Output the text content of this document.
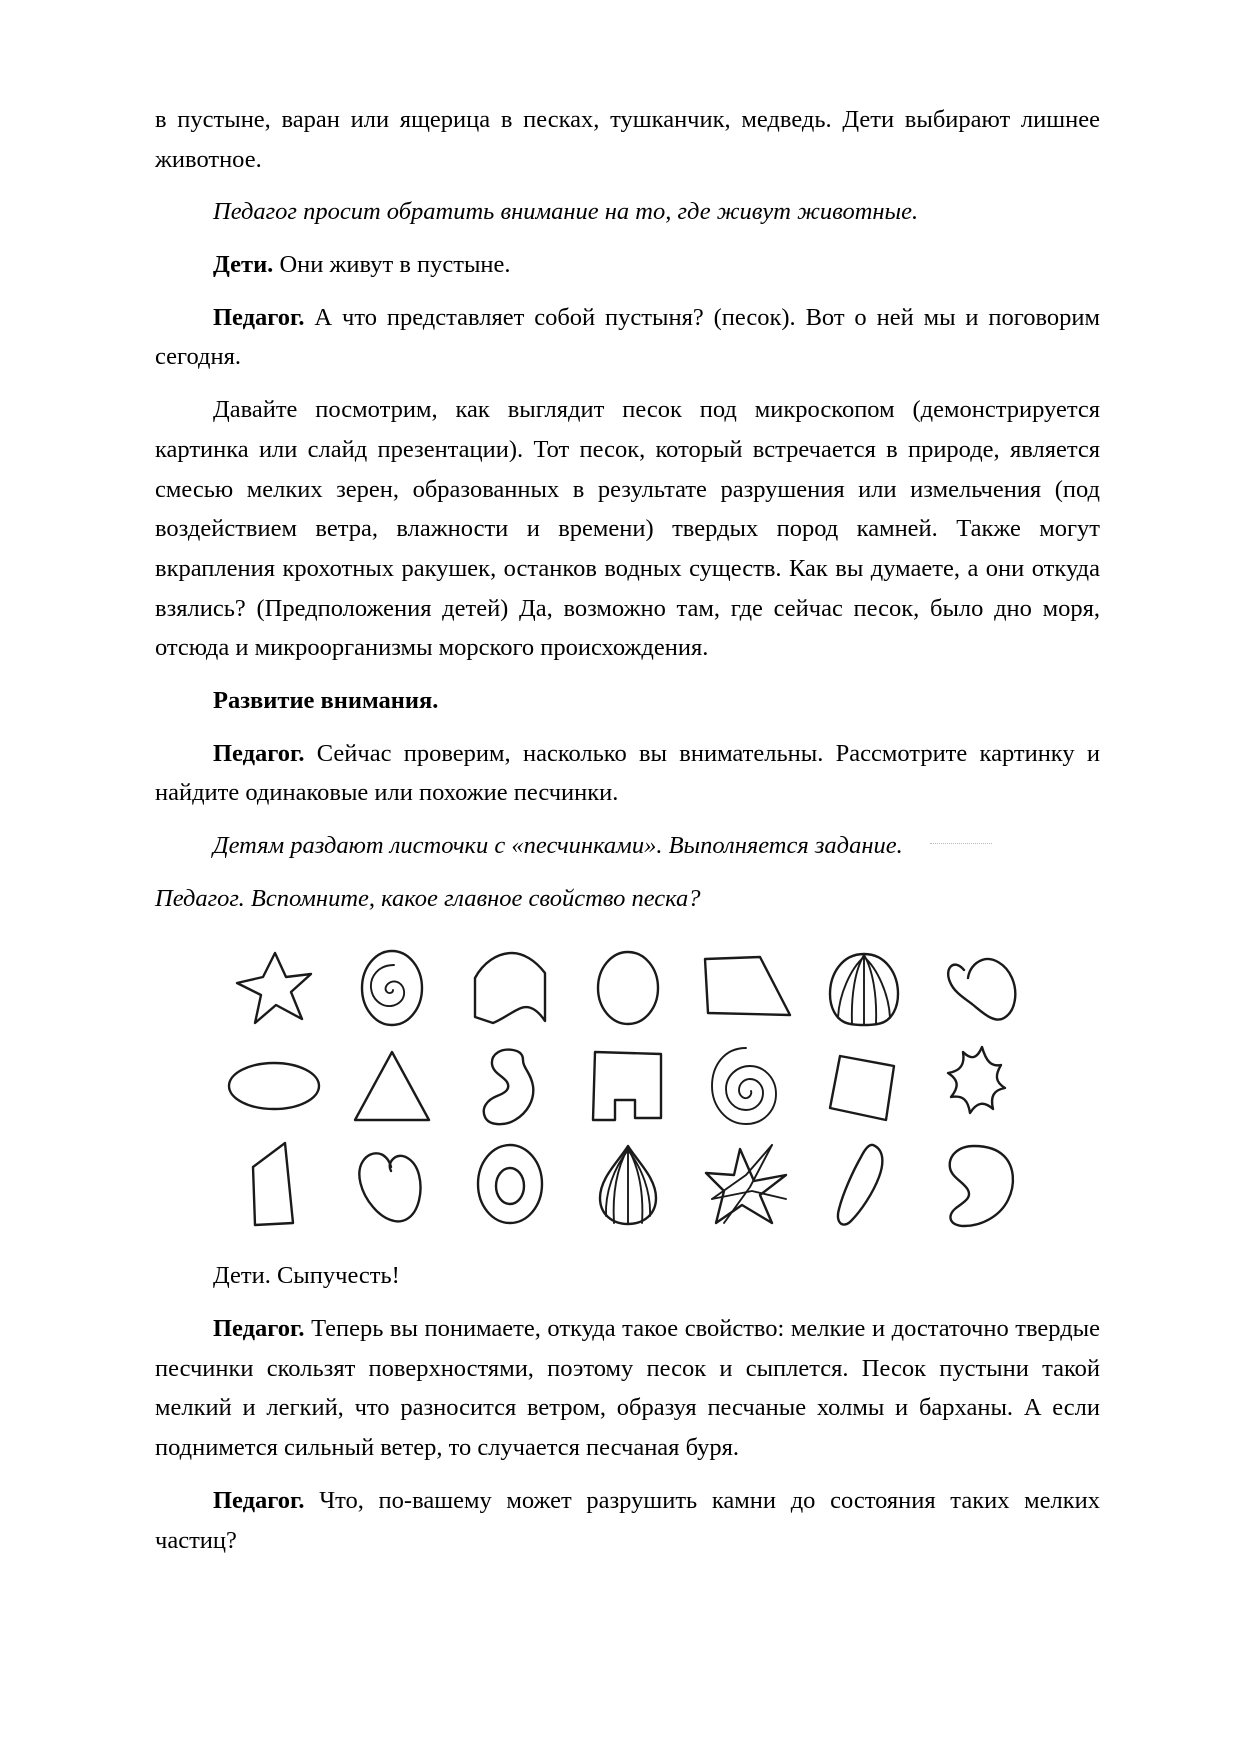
в пустыне, варан или ящерица в песках, тушканчик, медведь. Дети выбирают лишнее животное.

Педагог просит обратить внимание на то, где живут животные.

Дети. Они живут в пустыне.

Педагог. А что представляет собой пустыня? (песок). Вот о ней мы и поговорим сегодня.

Давайте посмотрим, как выглядит песок под микроскопом (демонстрируется картинка или слайд презентации). Тот песок, который встречается в природе, является смесью мелких зерен, образованных в результате разрушения или измельчения (под воздействием ветра, влажности и времени) твердых пород камней. Также могут вкрапления крохотных ракушек, останков водных существ. Как вы думаете, а они откуда взялись? (Предположения детей) Да, возможно там, где сейчас песок, было дно моря, отсюда и микроорганизмы морского происхождения.

Развитие внимания.

Педагог. Сейчас проверим, насколько вы внимательны. Рассмотрите картинку и найдите одинаковые или похожие песчинки.

Детям раздают листочки с «песчинками». Выполняется задание.

Педагог. Вспомните, какое главное свойство песка?

Дети. Сыпучесть!

Педагог. Теперь вы понимаете, откуда такое свойство: мелкие и достаточно твердые песчинки скользят поверхностями, поэтому песок и сыплется. Песок пустыни такой мелкий и легкий, что разносится ветром, образуя песчаные холмы и барханы. А если поднимется сильный ветер, то случается песчаная буря.

Педагог. Что, по-вашему может разрушить камни до состояния таких мелких частиц?
